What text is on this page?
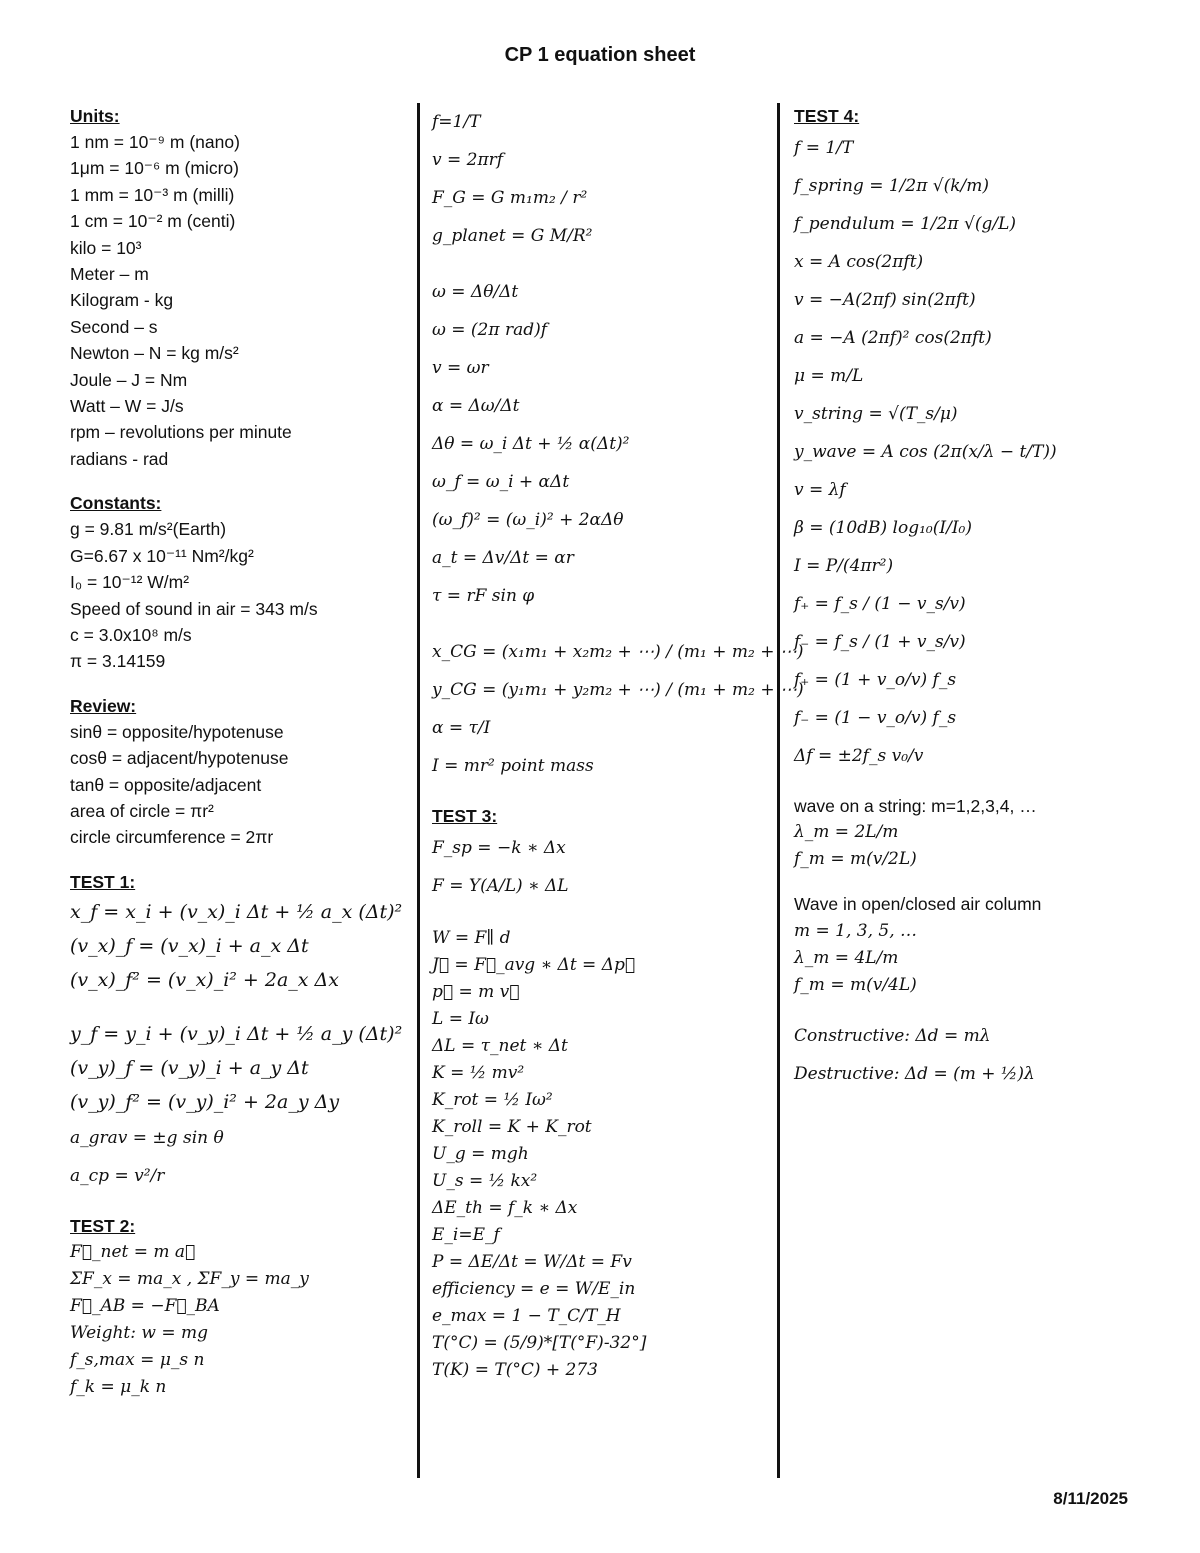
CP 1 equation sheet
Units:
1 nm = 10⁻⁹ m (nano)
1μm = 10⁻⁶ m (micro)
1 mm = 10⁻³ m (milli)
1 cm = 10⁻² m (centi)
kilo = 10³
Meter – m
Kilogram - kg
Second – s
Newton – N = kg m/s²
Joule – J = Nm
Watt – W = J/s
rpm – revolutions per minute
radians - rad
Constants:
g = 9.81 m/s²(Earth)
G=6.67 x 10⁻¹¹ Nm²/kg²
I₀ = 10⁻¹² W/m²
Speed of sound in air = 343 m/s
c = 3.0x10⁸ m/s
π = 3.14159
Review:
sinθ = opposite/hypotenuse
cosθ = adjacent/hypotenuse
tanθ = opposite/adjacent
area of circle = πr²
circle circumference = 2πr
TEST 1:
x_f = x_i + (v_x)_i Δt + ½ a_x (Δt)²
(v_x)_f = (v_x)_i + a_x Δt
(v_x)_f² = (v_x)_i² + 2a_x Δx
y_f = y_i + (v_y)_i Δt + ½ a_y (Δt)²
(v_y)_f = (v_y)_i + a_y Δt
(v_y)_f² = (v_y)_i² + 2a_y Δy
a_grav = ±g sin θ
a_cp = v²/r
TEST 2:
F⃗_net = m a⃗
ΣF_x = ma_x , ΣF_y = ma_y
F⃗_AB = −F⃗_BA
Weight: w = mg
f_s,max = μ_s n
f_k = μ_k n
f=1/T
v = 2πrf
F_G = G m₁m₂ / r²
g_planet = G M/R²
ω = Δθ/Δt
ω = (2π rad)f
v = ωr
α = Δω/Δt
Δθ = ω_i Δt + ½ α(Δt)²
ω_f = ω_i + αΔt
(ω_f)² = (ω_i)² + 2αΔθ
a_t = Δv/Δt = αr
τ = rF sin φ
x_CG = (x₁m₁ + x₂m₂ + ⋯) / (m₁ + m₂ + ⋯)
y_CG = (y₁m₁ + y₂m₂ + ⋯) / (m₁ + m₂ + ⋯)
α = τ/I
I = mr² point mass
TEST 3:
F_sp = −k ∗ Δx
F = Y(A/L) ∗ ΔL
W = F∥ d
J⃗ = F⃗_avg ∗ Δt = Δp⃗
p⃗ = m v⃗
L = Iω
ΔL = τ_net ∗ Δt
K = ½ mv²
K_rot = ½ Iω²
K_roll = K + K_rot
U_g = mgh
U_s = ½ kx²
ΔE_th = f_k ∗ Δx
E_i=E_f
P = ΔE/Δt = W/Δt = Fv
efficiency = e = W/E_in
e_max = 1 − T_C/T_H
T(°C) = (5/9)*[T(°F)-32°]
T(K) = T(°C) + 273
TEST 4:
f = 1/T
f_spring = 1/2π √(k/m)
f_pendulum = 1/2π √(g/L)
x = A cos(2πft)
v = −A(2πf) sin(2πft)
a = −A (2πf)² cos(2πft)
μ = m/L
v_string = √(T_s/μ)
y_wave = A cos (2π(x/λ − t/T))
v = λf
β = (10dB) log₁₀(I/I₀)
I = P/(4πr²)
f₊ = f_s / (1 − v_s/v)
f₋ = f_s / (1 + v_s/v)
f₊ = (1 + v_o/v) f_s
f₋ = (1 − v_o/v) f_s
Δf = ±2f_s v₀/v
wave on a string: m=1,2,3,4, …
λ_m = 2L/m
f_m = m(v/2L)
Wave in open/closed air column
m = 1, 3, 5, …
λ_m = 4L/m
f_m = m(v/4L)
Constructive: Δd = mλ
Destructive: Δd = (m + ½)λ
8/11/2025
